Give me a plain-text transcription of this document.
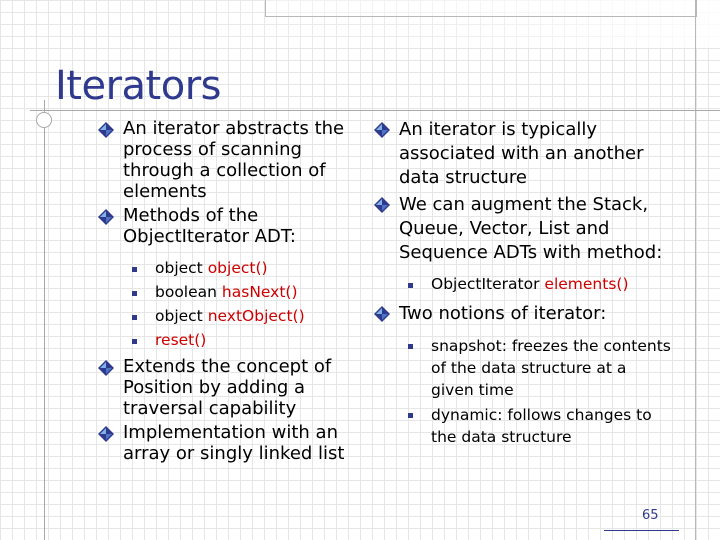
Iterators
An iterator abstracts the process of scanning through a collection of elements
Methods of the ObjectIterator ADT:
object object()
boolean hasNext()
object nextObject()
reset()
Extends the concept of Position by adding a traversal capability
Implementation with an array or singly linked list
An iterator is typically associated with an another data structure
We can augment the Stack, Queue, Vector, List and Sequence ADTs with method:
ObjectIterator elements()
Two notions of iterator:
snapshot: freezes the contents of the data structure at a given time
dynamic: follows changes to the data structure
65
